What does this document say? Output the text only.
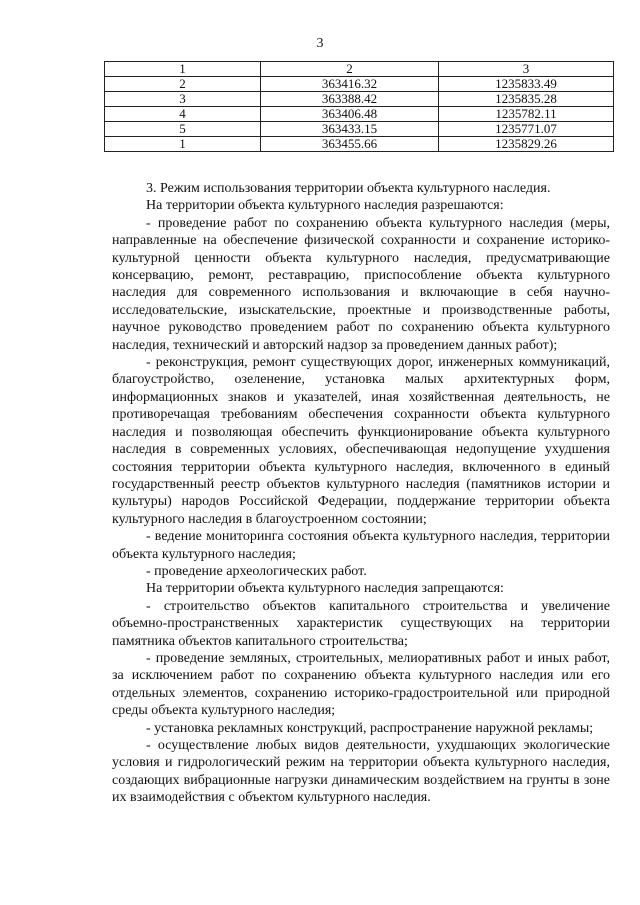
3
1	2	3
2	363416.32	1235833.49
3	363388.42	1235835.28
4	363406.48	1235782.11
5	363433.15	1235771.07
1	363455.66	1235829.26

3. Режим использования территории объекта культурного наследия.

На территории объекта культурного наследия разрешаются:

- проведение работ по сохранению объекта культурного наследия (меры, направленные на обеспечение физической сохранности и сохранение историко-культурной ценности объекта культурного наследия, предусматривающие консервацию, ремонт, реставрацию, приспособление объекта культурного наследия для современного использования и включающие в себя научно-исследовательские, изыскательские, проектные и производственные работы, научное руководство проведением работ по сохранению объекта культурного наследия, технический и авторский надзор за проведением данных работ);

- реконструкция, ремонт существующих дорог, инженерных коммуникаций, благоустройство, озеленение, установка малых архитектурных форм, информационных знаков и указателей, иная хозяйственная деятельность, не противоречащая требованиям обеспечения сохранности объекта культурного наследия и позволяющая обеспечить функционирование объекта культурного наследия в современных условиях, обеспечивающая недопущение ухудшения состояния территории объекта культурного наследия, включенного в единый государственный реестр объектов культурного наследия (памятников истории и культуры) народов Российской Федерации, поддержание территории объекта культурного наследия в благоустроенном состоянии;

- ведение мониторинга состояния объекта культурного наследия, территории объекта культурного наследия;

- проведение археологических работ.

На территории объекта культурного наследия запрещаются:

- строительство объектов капитального строительства и увеличение объемно-пространственных характеристик существующих на территории памятника объектов капитального строительства;

- проведение земляных, строительных, мелиоративных работ и иных работ, за исключением работ по сохранению объекта культурного наследия или его отдельных элементов, сохранению историко-градостроительной или природной среды объекта культурного наследия;

- установка рекламных конструкций, распространение наружной рекламы;

- осуществление любых видов деятельности, ухудшающих экологические условия и гидрологический режим на территории объекта культурного наследия, создающих вибрационные нагрузки динамическим воздействием на грунты в зоне их взаимодействия с объектом культурного наследия.
